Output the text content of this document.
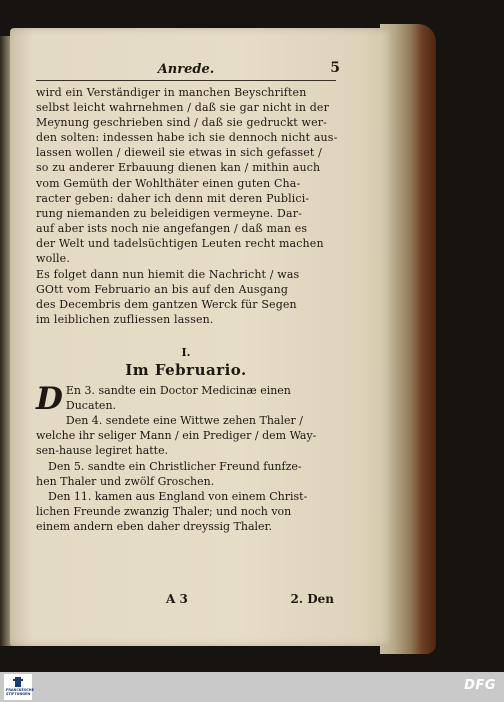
Anrede.	5
wird ein Verständiger in manchen Beyschriften
selbst leicht wahrnehmen / daß sie gar nicht in der
Meynung geschrieben sind / daß sie gedruckt wer-
den solten: indessen habe ich sie dennoch nicht aus-
lassen wollen / dieweil sie etwas in sich gefasset /
so zu anderer Erbauung dienen kan / mithin auch
vom Gemüth der Wohlthäter einen guten Cha-
racter geben: daher ich denn mit deren Publici-
rung niemanden zu beleidigen vermeyne. Dar-
auf aber ists noch nie angefangen / daß man es
der Welt und tadelsüchtigen Leuten recht machen
wolle.
Es folget dann nun hiemit die Nachricht / was
GOtt vom Februario an bis auf den Ausgang
des Decembris dem gantzen Werck für Segen
im leiblichen zufliessen lassen.
I.
Im Februario.
D En 3. sandte ein Doctor Medicinæ einen
Ducaten.
Den 4. sendete eine Wittwe zehen Thaler /
welche ihr seliger Mann / ein Prediger / dem Way-
sen-hause legiret hatte.
Den 5. sandte ein Christlicher Freund funfze-
hen Thaler und zwölf Groschen.
Den 11. kamen aus England von einem Christ-
lichen Freunde zwanzig Thaler; und noch von
einem andern eben daher dreyssig Thaler.
A 3	2. Den
FRANCKESCHE STIFTUNGEN
DFG
